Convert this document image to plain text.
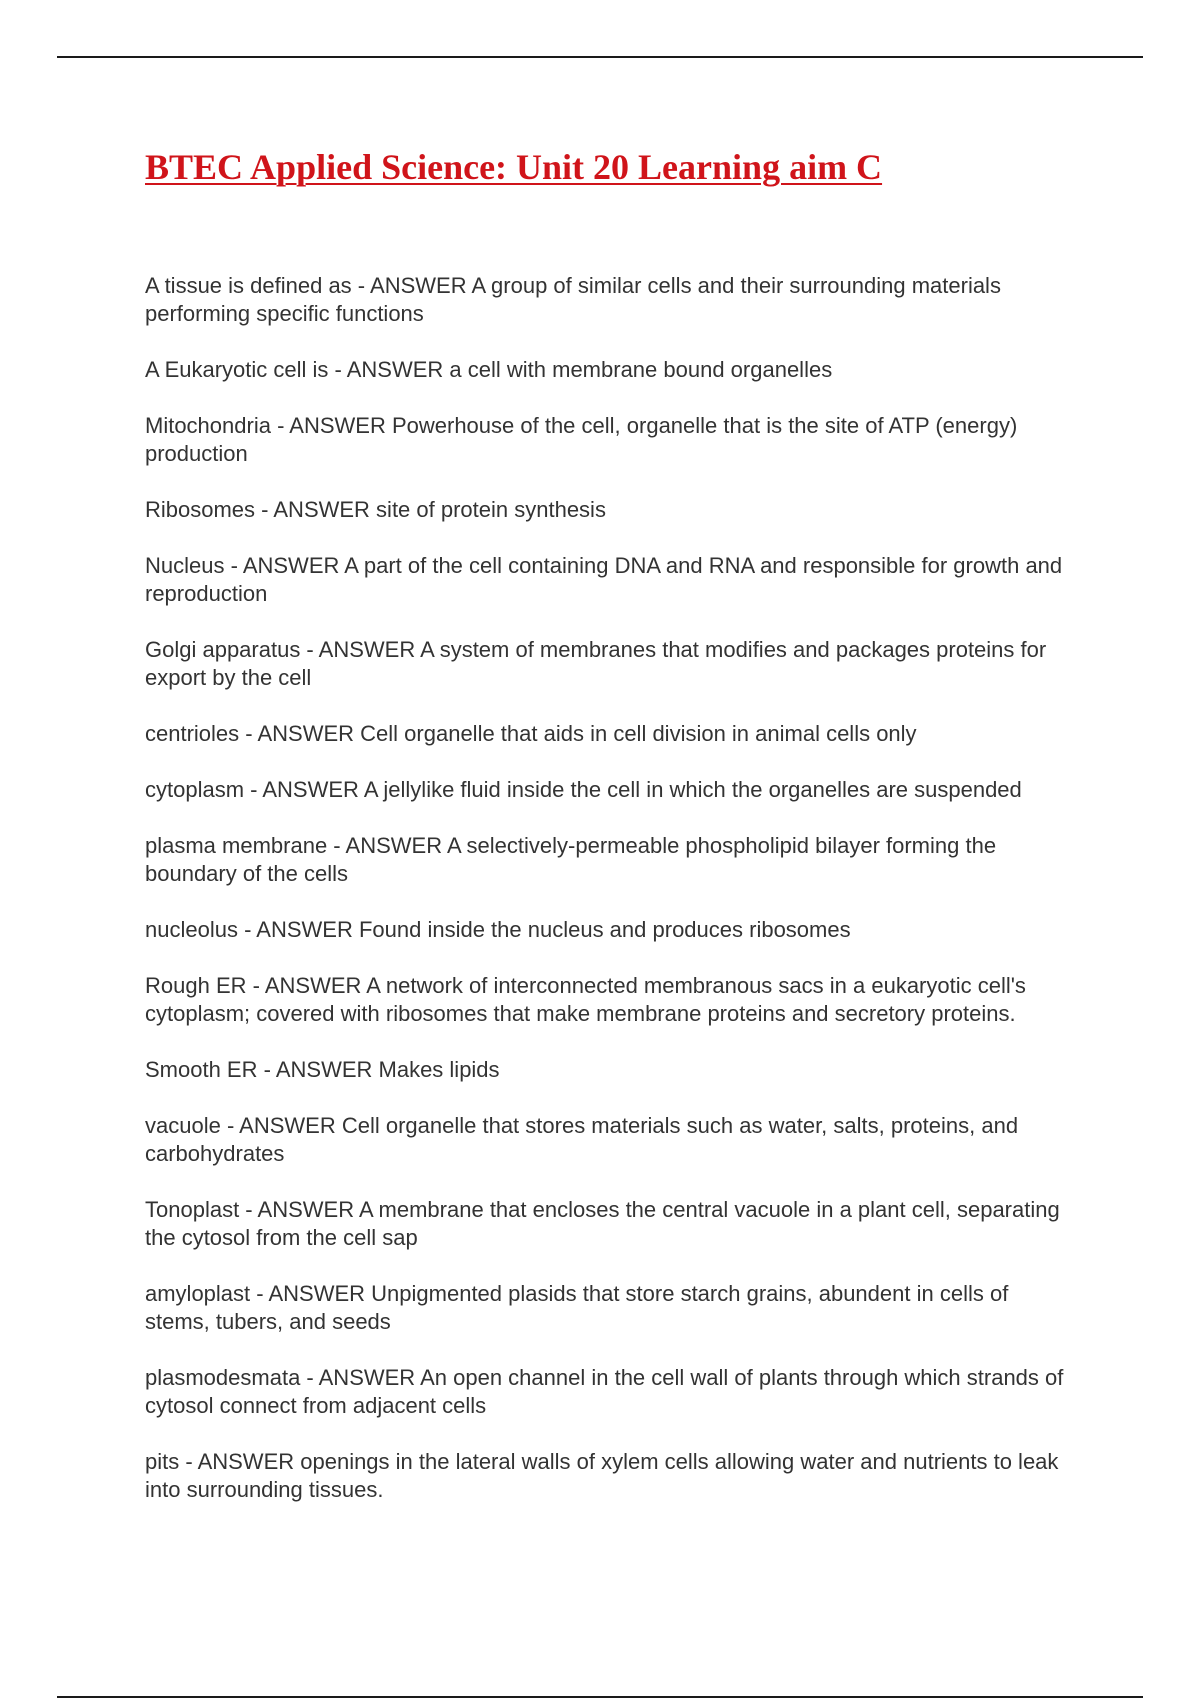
BTEC Applied Science: Unit 20 Learning aim C
A tissue is defined as - ANSWER A group of similar cells and their surrounding materials performing specific functions
A Eukaryotic cell is - ANSWER a cell with membrane bound organelles
Mitochondria - ANSWER Powerhouse of the cell, organelle that is the site of ATP (energy) production
Ribosomes - ANSWER site of protein synthesis
Nucleus - ANSWER A part of the cell containing DNA and RNA and responsible for growth and reproduction
Golgi apparatus - ANSWER A system of membranes that modifies and packages proteins for export by the cell
centrioles - ANSWER Cell organelle that aids in cell division in animal cells only
cytoplasm - ANSWER A jellylike fluid inside the cell in which the organelles are suspended
plasma membrane - ANSWER A selectively-permeable phospholipid bilayer forming the boundary of the cells
nucleolus - ANSWER Found inside the nucleus and produces ribosomes
Rough ER - ANSWER A network of interconnected membranous sacs in a eukaryotic cell's cytoplasm; covered with ribosomes that make membrane proteins and secretory proteins.
Smooth ER - ANSWER Makes lipids
vacuole - ANSWER Cell organelle that stores materials such as water, salts, proteins, and carbohydrates
Tonoplast - ANSWER A membrane that encloses the central vacuole in a plant cell, separating the cytosol from the cell sap
amyloplast - ANSWER Unpigmented plasids that store starch grains, abundent in cells of stems, tubers, and seeds
plasmodesmata - ANSWER An open channel in the cell wall of plants through which strands of cytosol connect from adjacent cells
pits - ANSWER openings in the lateral walls of xylem cells allowing water and nutrients to leak into surrounding tissues.
